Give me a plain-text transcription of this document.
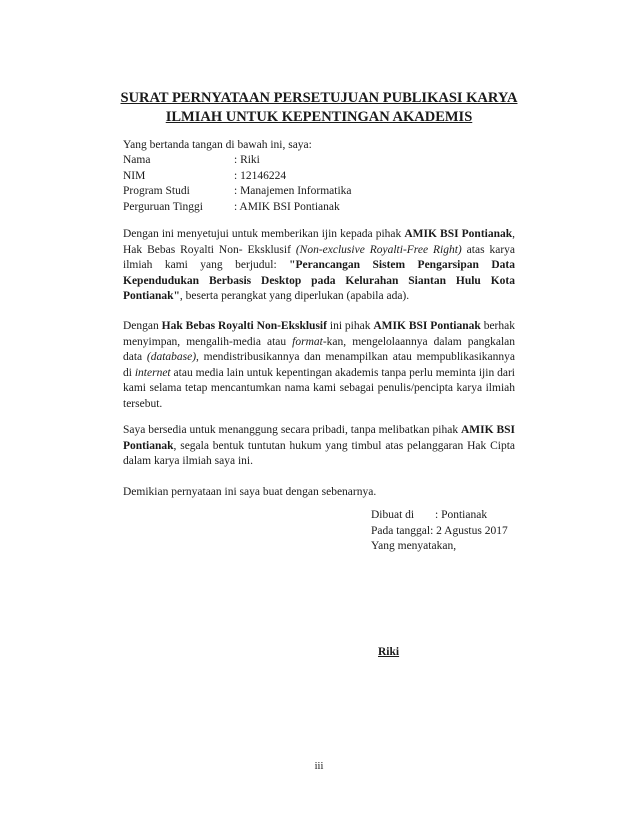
SURAT PERNYATAAN PERSETUJUAN PUBLIKASI KARYA
ILMIAH UNTUK KEPENTINGAN AKADEMIS
Yang bertanda tangan di bawah ini, saya:
Nama	: Riki
NIM	: 12146224
Program Studi	: Manajemen Informatika
Perguruan Tinggi	: AMIK BSI Pontianak
Dengan ini menyetujui untuk memberikan ijin kepada pihak AMIK BSI Pontianak, Hak Bebas Royalti Non- Eksklusif (Non-exclusive Royalti-Free Right) atas karya ilmiah kami yang berjudul: "Perancangan Sistem Pengarsipan Data Kependudukan Berbasis Desktop pada Kelurahan Siantan Hulu Kota Pontianak", beserta perangkat yang diperlukan (apabila ada).
Dengan Hak Bebas Royalti Non-Eksklusif ini pihak AMIK BSI Pontianak berhak menyimpan, mengalih-media atau format-kan, mengelolaannya dalam pangkalan data (database), mendistribusikannya dan menampilkan atau mempublikasikannya di internet atau media lain untuk kepentingan akademis tanpa perlu meminta ijin dari kami selama tetap mencantumkan nama kami sebagai penulis/pencipta karya ilmiah tersebut.
Saya bersedia untuk menanggung secara pribadi, tanpa melibatkan pihak AMIK BSI Pontianak, segala bentuk tuntutan hukum yang timbul atas pelanggaran Hak Cipta dalam karya ilmiah saya ini.
Demikian pernyataan ini saya buat dengan sebenarnya.
Dibuat di	: Pontianak
Pada tanggal : 2 Agustus 2017
Yang menyatakan,
Riki
iii
